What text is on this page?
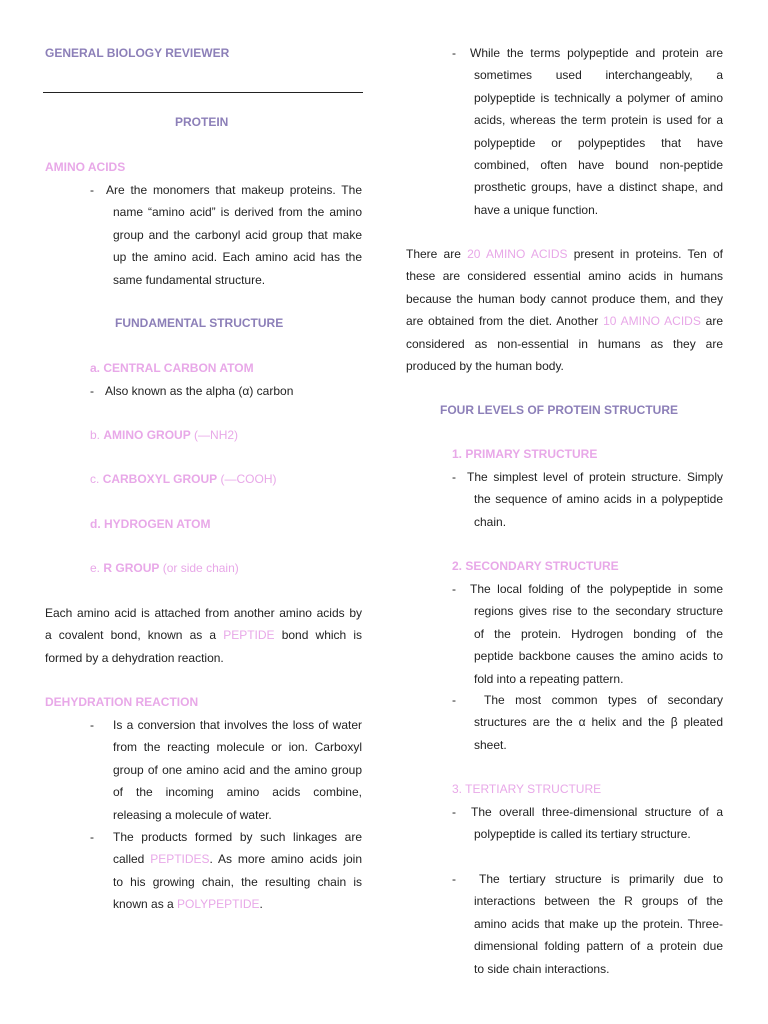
GENERAL BIOLOGY REVIEWER
PROTEIN
AMINO ACIDS
- Are the monomers that makeup proteins. The
name “amino acid” is derived from the amino
group and the carbonyl acid group that make
up the amino acid. Each amino acid has the
same fundamental structure.
FUNDAMENTAL STRUCTURE
a. CENTRAL CARBON ATOM
- Also known as the alpha (α) carbon
b. AMINO GROUP (—NH2)
c. CARBOXYL GROUP (—COOH)
d. HYDROGEN ATOM
e. R GROUP (or side chain)
Each amino acid is attached from another amino acids by
a covalent bond, known as a PEPTIDE bond which is
formed by a dehydration reaction.
DEHYDRATION REACTION
- Is a conversion that involves the loss of water
from the reacting molecule or ion. Carboxyl
group of one amino acid and the amino group
of the incoming amino acids combine,
releasing a molecule of water.
- The products formed by such linkages are
called PEPTIDES. As more amino acids join
to his growing chain, the resulting chain is
known as a POLYPEPTIDE.
- While the terms polypeptide and protein are
sometimes used interchangeably, a
polypeptide is technically a polymer of amino
acids, whereas the term protein is used for a
polypeptide or polypeptides that have
combined, often have bound non-peptide
prosthetic groups, have a distinct shape, and
have a unique function.
There are 20 AMINO ACIDS present in proteins. Ten of
these are considered essential amino acids in humans
because the human body cannot produce them, and they
are obtained from the diet. Another 10 AMINO ACIDS are
considered as non-essential in humans as they are
produced by the human body.
FOUR LEVELS OF PROTEIN STRUCTURE
1. PRIMARY STRUCTURE
- The simplest level of protein structure. Simply
the sequence of amino acids in a polypeptide
chain.
2. SECONDARY STRUCTURE
- The local folding of the polypeptide in some
regions gives rise to the secondary structure
of the protein. Hydrogen bonding of the
peptide backbone causes the amino acids to
fold into a repeating pattern.
- The most common types of secondary
structures are the α helix and the β pleated
sheet.
3. TERTIARY STRUCTURE
- The overall three-dimensional structure of a
polypeptide is called its tertiary structure.
- The tertiary structure is primarily due to
interactions between the R groups of the
amino acids that make up the protein. Three-
dimensional folding pattern of a protein due
to side chain interactions.
